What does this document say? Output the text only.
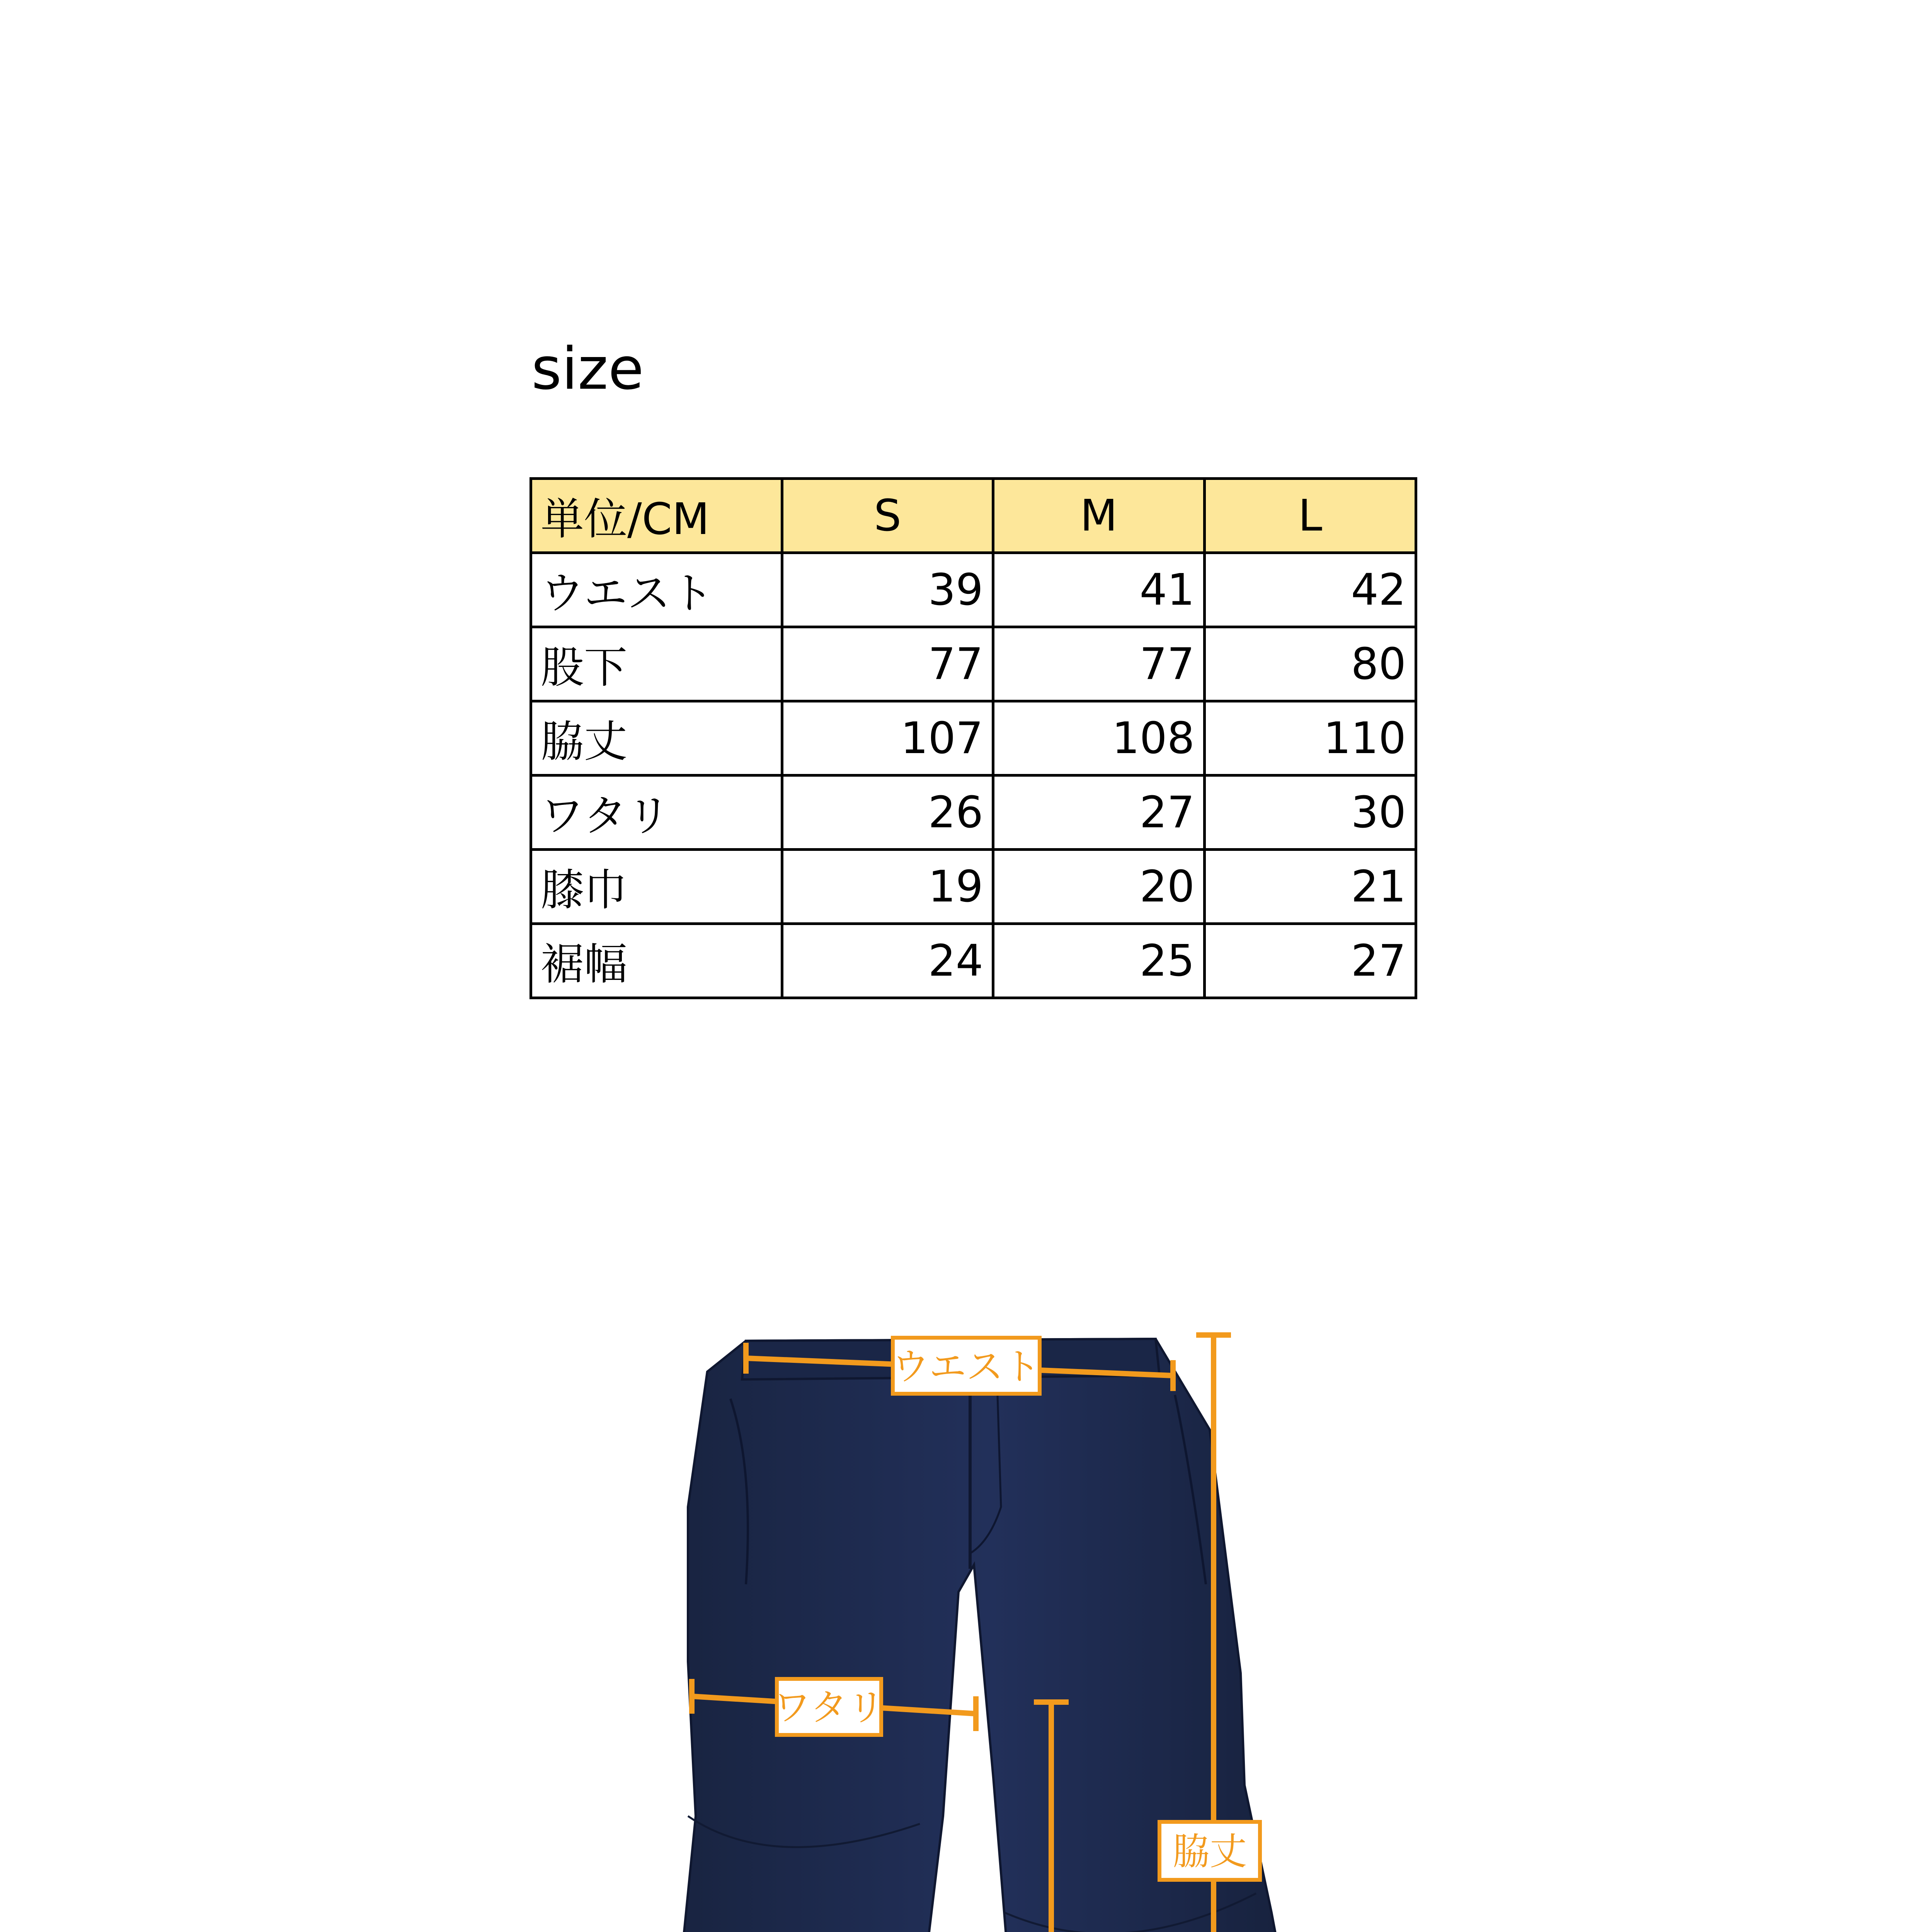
size
単位/CM	S	M	L
ウエスト	39	41	42
股下	77	77	80
脇丈	107	108	110
ワタリ	26	27	30
膝巾	19	20	21
裾幅	24	25	27
ウエスト
ワタリ
脇丈
